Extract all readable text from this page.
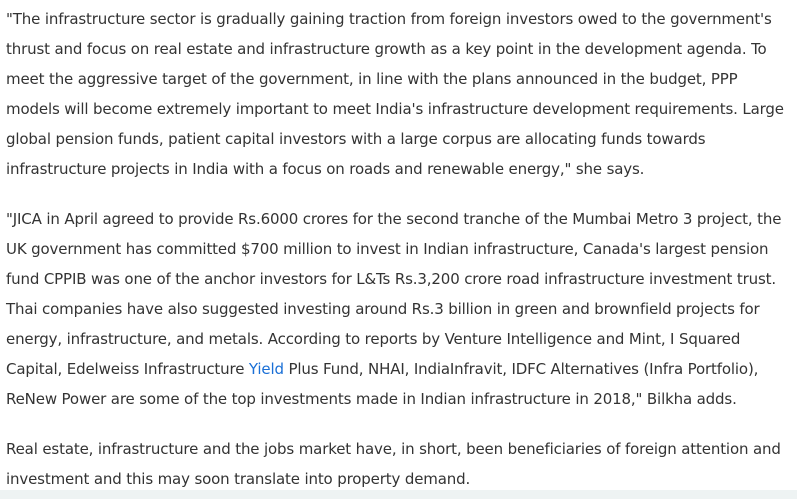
"The infrastructure sector is gradually gaining traction from foreign investors owed to the government's thrust and focus on real estate and infrastructure growth as a key point in the development agenda. To meet the aggressive target of the government, in line with the plans announced in the budget, PPP models will become extremely important to meet India's infrastructure development requirements. Large global pension funds, patient capital investors with a large corpus are allocating funds towards infrastructure projects in India with a focus on roads and renewable energy," she says.

"JICA in April agreed to provide Rs.6000 crores for the second tranche of the Mumbai Metro 3 project, the UK government has committed $700 million to invest in Indian infrastructure, Canada's largest pension fund CPPIB was one of the anchor investors for L&Ts Rs.3,200 crore road infrastructure investment trust. Thai companies have also suggested investing around Rs.3 billion in green and brownfield projects for energy, infrastructure, and metals. According to reports by Venture Intelligence and Mint, I Squared Capital, Edelweiss Infrastructure Yield Plus Fund, NHAI, IndiaInfravit, IDFC Alternatives (Infra Portfolio), ReNew Power are some of the top investments made in Indian infrastructure in 2018," Bilkha adds.

Real estate, infrastructure and the jobs market have, in short, been beneficiaries of foreign attention and investment and this may soon translate into property demand.
